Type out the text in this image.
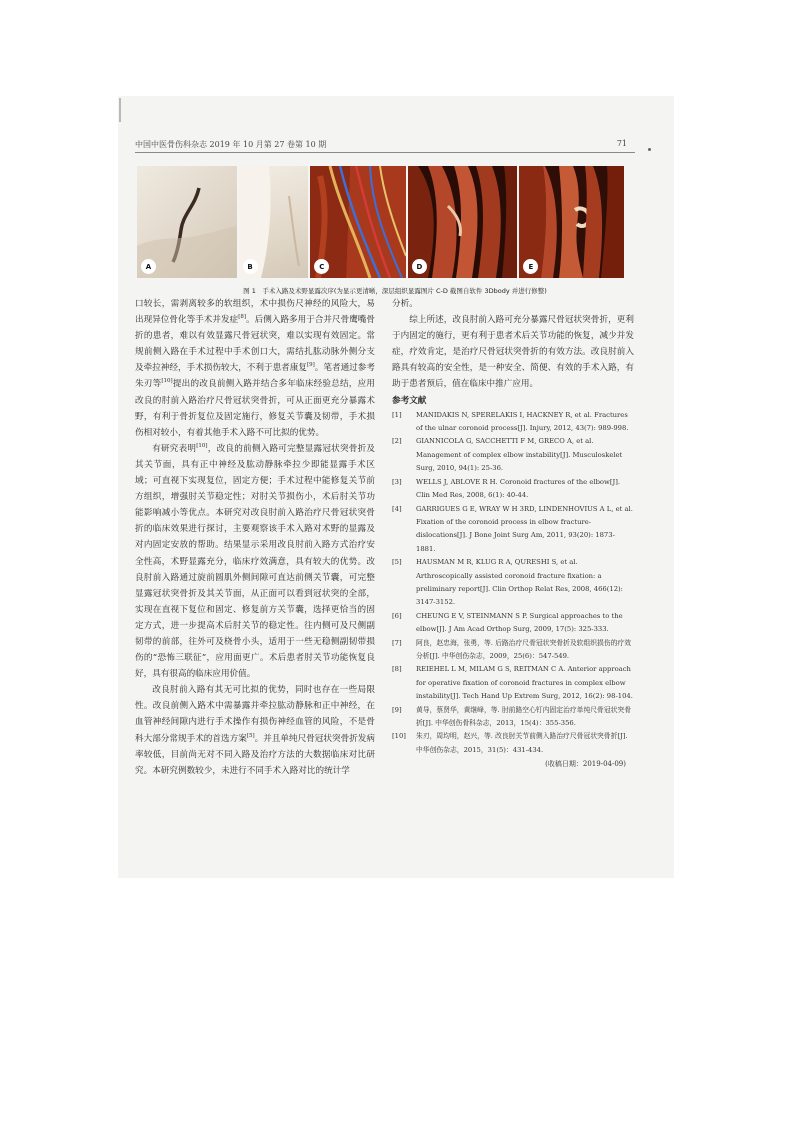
中国中医骨伤科杂志 2019 年 10 月第 27 卷第 10 期	71
A	B	C	D	E
图 1　手术入路及术野显露次序(为显示更清晰，深层组织显露图片 C-D 截图自软件 3Dbody 并进行修整)

口较长，需剥离较多的软组织，术中损伤尺神经的风险大，易出现异位骨化等手术并发症[8]。后侧入路多用于合并尺骨鹰嘴骨折的患者，难以有效显露尺骨冠状突，难以实现有效固定。常规前侧入路在手术过程中手术创口大，需结扎肱动脉外侧分支及牵拉神经，手术损伤较大，不利于患者康复[9]。笔者通过参考朱刃等[10]提出的改良前侧入路并结合多年临床经验总结，应用改良的肘前入路治疗尺骨冠状突骨折，可从正面更充分暴露术野，有利于骨折复位及固定施行，修复关节囊及韧带，手术损伤相对较小，有着其他手术入路不可比拟的优势。

有研究表明[10]，改良的前侧入路可完整显露冠状突骨折及其关节面，具有正中神经及肱动静脉牵拉少即能显露手术区域；可直视下实现复位，固定方便；手术过程中能修复关节前方组织，增强肘关节稳定性；对肘关节损伤小，术后肘关节功能影响减小等优点。本研究对改良肘前入路治疗尺骨冠状突骨折的临床效果进行探讨，主要观察该手术入路对术野的显露及对内固定安放的帮助。结果显示采用改良肘前入路方式治疗安全性高，术野显露充分，临床疗效满意，具有较大的优势。改良肘前入路通过旋前圆肌外侧间隙可直达前侧关节囊，可完整显露冠状突骨折及其关节面，从正面可以看到冠状突的全部，实现在直视下复位和固定、修复前方关节囊，选择更恰当的固定方式，进一步提高术后肘关节的稳定性。往内侧可及尺侧副韧带的前部，往外可及桡骨小头，适用于一些无稳侧副韧带损伤的“恐怖三联征”，应用面更广。术后患者肘关节功能恢复良好，具有很高的临床应用价值。

改良肘前入路有其无可比拟的优势，同时也存在一些局限性。改良前侧入路术中需暴露并牵拉肱动静脉和正中神经，在血管神经间隙内进行手术操作有损伤神经血管的风险，不是骨科大部分常规手术的首选方案[5]。并且单纯尺骨冠状突骨折发病率较低，目前尚无对不同入路及治疗方法的大数据临床对比研究。本研究例数较少，未进行不同手术入路对比的统计学

分析。

综上所述，改良肘前入路可充分暴露尺骨冠状突骨折，更利于内固定的施行，更有利于患者术后关节功能的恢复，减少并发症，疗效肯定，是治疗尺骨冠状突骨折的有效方法。改良肘前入路具有较高的安全性，是一种安全、简便、有效的手术入路，有助于患者预后，值在临床中推广应用。

参考文献

[1] MANIDAKIS N, SPERELAKIS I, HACKNEY R, et al. Fractures of the ulnar coronoid process[J]. Injury, 2012, 43(7): 989-998.
[2] GIANNICOLA G, SACCHETTI F M, GRECO A, et al. Management of complex elbow instability[J]. Musculoskelet Surg, 2010, 94(1): 25-36.
[3] WELLS J, ABLOVE R H. Coronoid fractures of the elbow[J]. Clin Med Res, 2008, 6(1): 40-44.
[4] GARRIGUES G E, WRAY W H 3RD, LINDENHOVIUS A L, et al. Fixation of the coronoid process in elbow fracture-dislocations[J]. J Bone Joint Surg Am, 2011, 93(20): 1873-1881.
[5] HAUSMAN M R, KLUG R A, QURESHI S, et al. Arthroscopically assisted coronoid fracture fixation: a preliminary report[J]. Clin Orthop Relat Res, 2008, 466(12): 3147-3152.
[6] CHEUNG E V, STEINMANN S P. Surgical approaches to the elbow[J]. J Am Acad Orthop Surg, 2009, 17(5): 325-333.
[7] 阿良，赵忠海，张勇，等. 后路治疗尺骨冠状突骨折及软组织损伤的疗效分析[J]. 中华创伤杂志，2009，25(6)：547-549.
[8] REIEHEL L M, MILAM G S, REITMAN C A. Anterior approach for operative fixation of coronoid fractures in complex elbow instability[J]. Tech Hand Up Extrem Surg, 2012, 16(2): 98-104.
[9] 黄导，蔡贤华，黄继峰，等. 肘前路空心钉内固定治疗单纯尺骨冠状突骨折[J]. 中华创伤骨科杂志，2013，15(4)：355-356.
[10] 朱刃，周均明，赵兴，等. 改良肘关节前侧入路治疗尺骨冠状突骨折[J]. 中华创伤杂志，2015，31(5)：431-434.

(收稿日期：2019-04-09)
